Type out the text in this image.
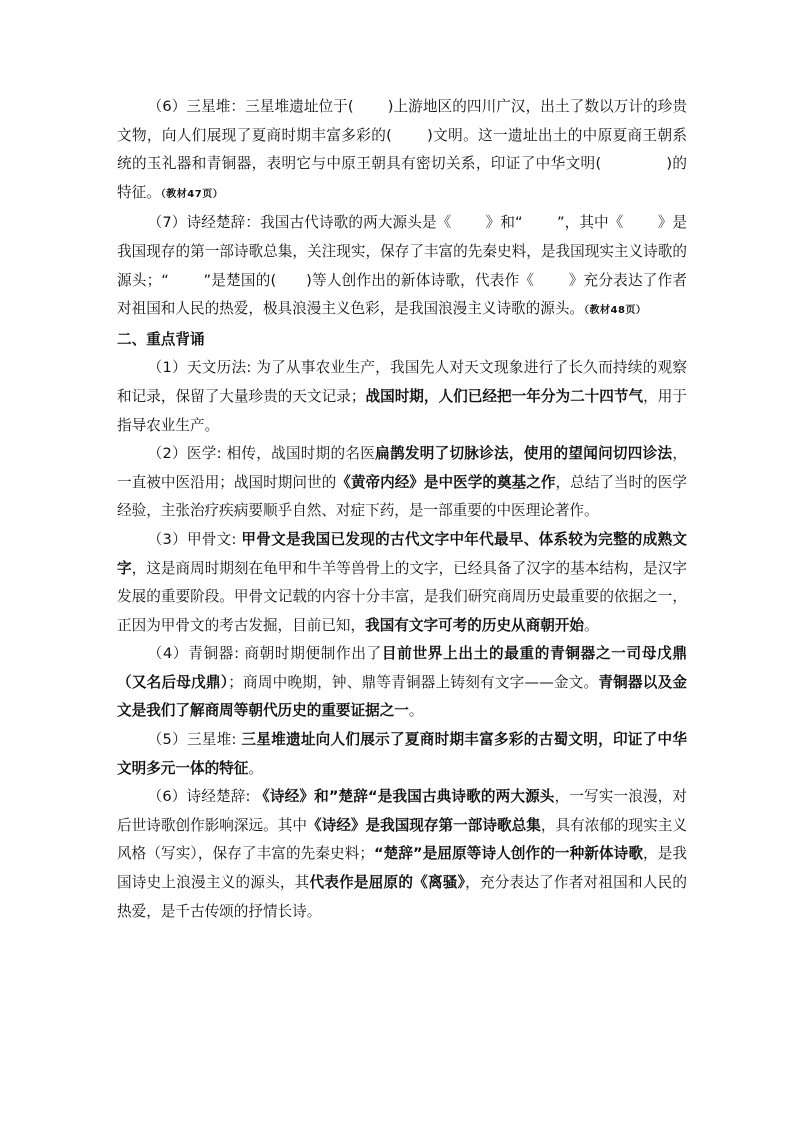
（6）三星堆：三星堆遗址位于(　　 )上游地区的四川广汉，出土了数以万计的珍贵文物，向人们展现了夏商时期丰富多彩的(　　 )文明。这一遗址出土的中原夏商王朝系统的玉礼器和青铜器，表明它与中原王朝具有密切关系，印证了中华文明(　　　　	)的特征。（教材47页）

（7）诗经楚辞：我国古代诗歌的两大源头是《　　 》和“　　 ”，其中《　　 》是我国现存的第一部诗歌总集，关注现实，保存了丰富的先秦史料，是我国现实主义诗歌的源头；“　　 ”是楚国的(　　 )等人创作出的新体诗歌，代表作《　　 》充分表达了作者对祖国和人民的热爱，极具浪漫主义色彩，是我国浪漫主义诗歌的源头。（教材48页）

二、重点背诵

（1）天文历法: 为了从事农业生产，我国先人对天文现象进行了长久而持续的观察和记录，保留了大量珍贵的天文记录；战国时期，人们已经把一年分为二十四节气，用于指导农业生产。

（2）医学: 相传，战国时期的名医扁鹊发明了切脉诊法，使用的望闻问切四诊法，一直被中医沿用；战国时期问世的《黄帝内经》是中医学的奠基之作，总结了当时的医学经验，主张治疗疾病要顺乎自然、对症下药，是一部重要的中医理论著作。

（3）甲骨文: 甲骨文是我国已发现的古代文字中年代最早、体系较为完整的成熟文字，这是商周时期刻在龟甲和牛羊等兽骨上的文字，已经具备了汉字的基本结构，是汉字发展的重要阶段。甲骨文记载的内容十分丰富，是我们研究商周历史最重要的依据之一，正因为甲骨文的考古发掘，目前已知，我国有文字可考的历史从商朝开始。

（4）青铜器: 商朝时期便制作出了目前世界上出土的最重的青铜器之一司母戊鼎（又名后母戊鼎）；商周中晚期，钟、鼎等青铜器上铸刻有文字——金文。青铜器以及金文是我们了解商周等朝代历史的重要证据之一。

（5）三星堆: 三星堆遗址向人们展示了夏商时期丰富多彩的古蜀文明，印证了中华文明多元一体的特征。

（6）诗经楚辞: 《诗经》和”楚辞“是我国古典诗歌的两大源头，一写实一浪漫，对后世诗歌创作影响深远。其中《诗经》是我国现存第一部诗歌总集，具有浓郁的现实主义风格（写实），保存了丰富的先秦史料；“楚辞”是屈原等诗人创作的一种新体诗歌，是我国诗史上浪漫主义的源头，其代表作是屈原的《离骚》，充分表达了作者对祖国和人民的热爱，是千古传颂的抒情长诗。
